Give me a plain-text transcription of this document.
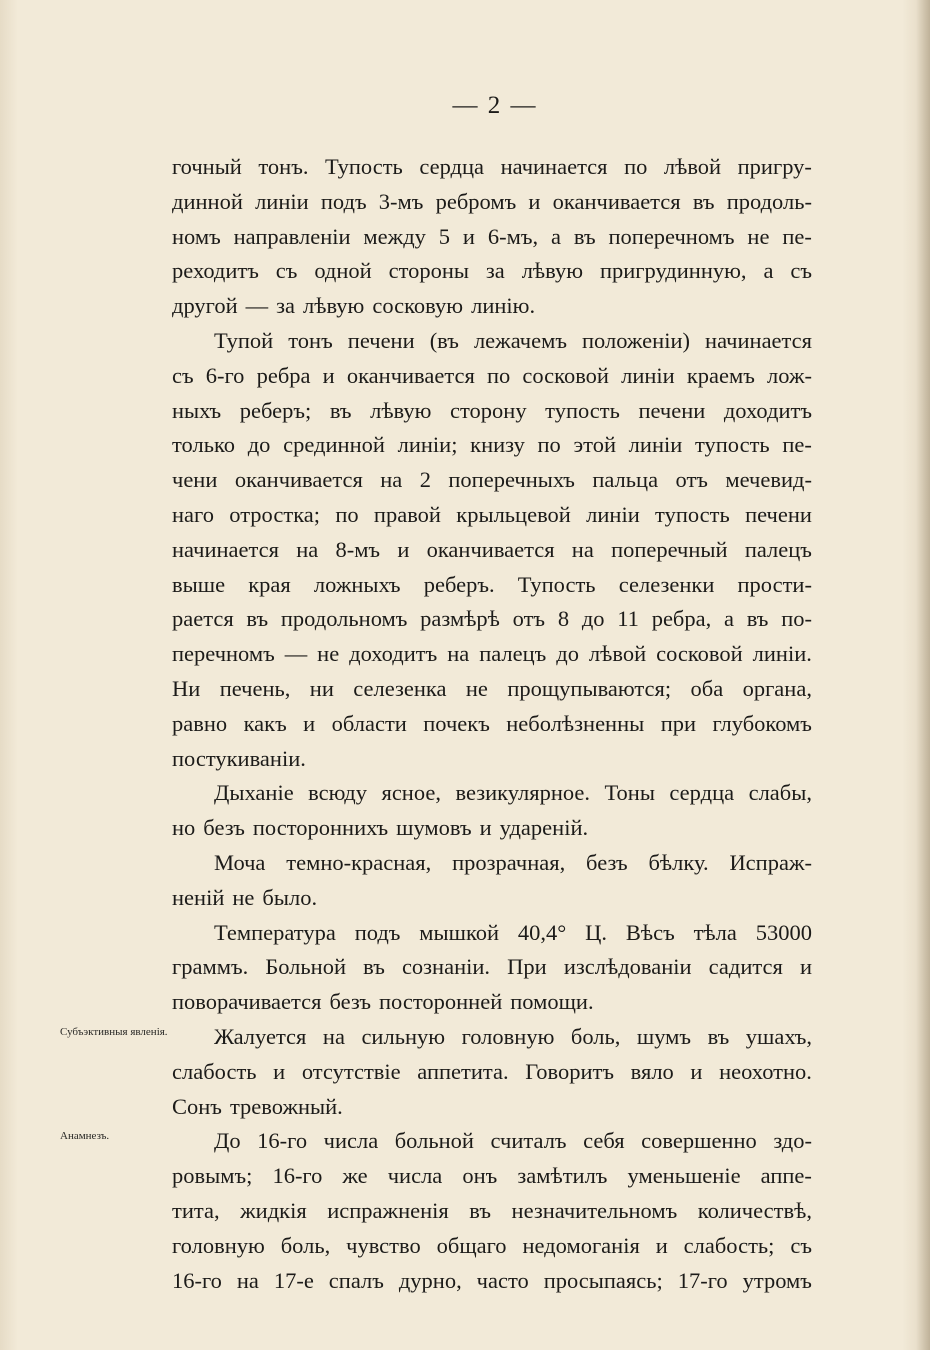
— 2 —
гочный тонъ. Тупость сердца начинается по лѣвой пригру-
динной линіи подъ 3-мъ ребромъ и оканчивается въ продоль-
номъ направленіи между 5 и 6-мъ, а въ поперечномъ не пе-
реходитъ съ одной стороны за лѣвую пригрудинную, а съ
другой — за лѣвую сосковую линію.
Тупой тонъ печени (въ лежачемъ положеніи) начинается
съ 6-го ребра и оканчивается по сосковой линіи краемъ лож-
ныхъ реберъ; въ лѣвую сторону тупость печени доходитъ
только до срединной линіи; книзу по этой линіи тупость пе-
чени оканчивается на 2 поперечныхъ пальца отъ мечевид-
наго отростка; по правой крыльцевой линіи тупость печени
начинается на 8-мъ и оканчивается на поперечный палецъ
выше края ложныхъ реберъ. Тупость селезенки прости-
рается въ продольномъ размѣрѣ отъ 8 до 11 ребра, а въ по-
перечномъ — не доходитъ на палецъ до лѣвой сосковой линіи.
Ни печень, ни селезенка не прощупываются; оба органа,
равно какъ и области почекъ неболѣзненны при глубокомъ
постукиваніи.
Дыханіе всюду ясное, везикулярное. Тоны сердца слабы,
но безъ постороннихъ шумовъ и удареній.
Моча темно-красная, прозрачная, безъ бѣлку. Испраж-
неній не было.
Температура подъ мышкой 40,4° Ц. Вѣсъ тѣла 53000
граммъ. Больной въ сознаніи. При изслѣдованіи садится и
поворачивается безъ посторонней помощи.
Жалуется на сильную головную боль, шумъ въ ушахъ,
слабость и отсутствіе аппетита. Говоритъ вяло и неохотно.
Сонъ тревожный.
До 16-го числа больной считалъ себя совершенно здо-
ровымъ; 16-го же числа онъ замѣтилъ уменьшеніе аппе-
тита, жидкія испражненія въ незначительномъ количествѣ,
головную боль, чувство общаго недомоганія и слабость; съ
16-го на 17-е спалъ дурно, часто просыпаясь; 17-го утромъ
Субъэктивныя явленія.
Анамнезъ.
